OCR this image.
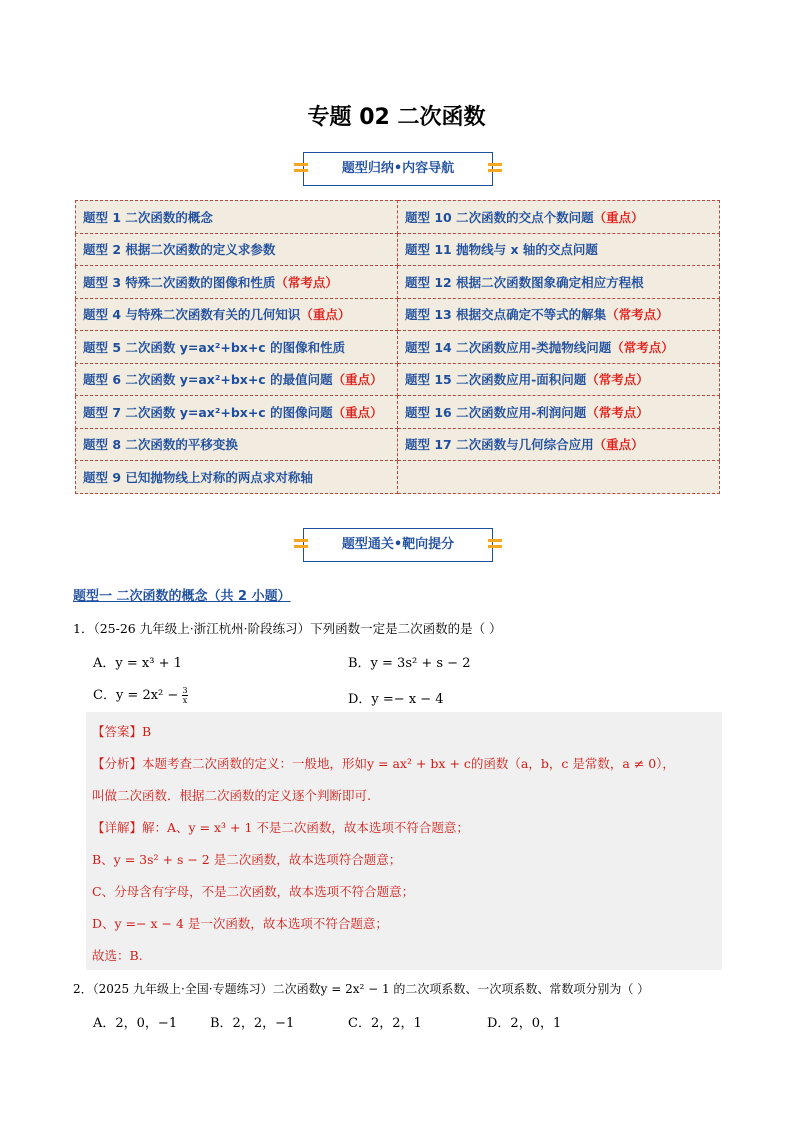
专题 02 二次函数
题型归纳•内容导航
题型 1 二次函数的概念	题型 10 二次函数的交点个数问题（重点）
题型 2 根据二次函数的定义求参数	题型 11 抛物线与 x 轴的交点问题
题型 3 特殊二次函数的图像和性质（常考点）	题型 12 根据二次函数图象确定相应方程根
题型 4 与特殊二次函数有关的几何知识（重点）	题型 13 根据交点确定不等式的解集（常考点）
题型 5 二次函数 y=ax²+bx+c 的图像和性质	题型 14 二次函数应用-类抛物线问题（常考点）
题型 6 二次函数 y=ax²+bx+c 的最值问题（重点）	题型 15 二次函数应用-面积问题（常考点）
题型 7 二次函数 y=ax²+bx+c 的图像问题（重点）	题型 16 二次函数应用-利润问题（常考点）
题型 8 二次函数的平移变换	题型 17 二次函数与几何综合应用（重点）
题型 9 已知抛物线上对称的两点求对称轴	
题型通关•靶向提分
题型一 二次函数的概念（共 2 小题）
1．（25-26 九年级上·浙江杭州·阶段练习）下列函数一定是二次函数的是（ ）
A．y = x³ + 1	B．y = 3s² + s − 2
C．$y = 2x^2 - \frac{3}{x}$	D．y =− x − 4
【答案】B
【分析】本题考查二次函数的定义：一般地，形如y = ax² + bx + c的函数（a，b，c 是常数，a ≠ 0），
叫做二次函数．根据二次函数的定义逐个判断即可.
【详解】解：A、y = x³ + 1 不是二次函数，故本选项不符合题意；
B、y = 3s² + s − 2 是二次函数，故本选项符合题意；
C、分母含有字母，不是二次函数，故本选项不符合题意；
D、y =− x − 4 是一次函数，故本选项不符合题意；
故选：B.
2．（2025 九年级上·全国·专题练习）二次函数y = 2x² − 1 的二次项系数、一次项系数、常数项分别为（ ）
A．2，0，−1	B．2，2，−1	C．2，2，1	D．2，0，1
